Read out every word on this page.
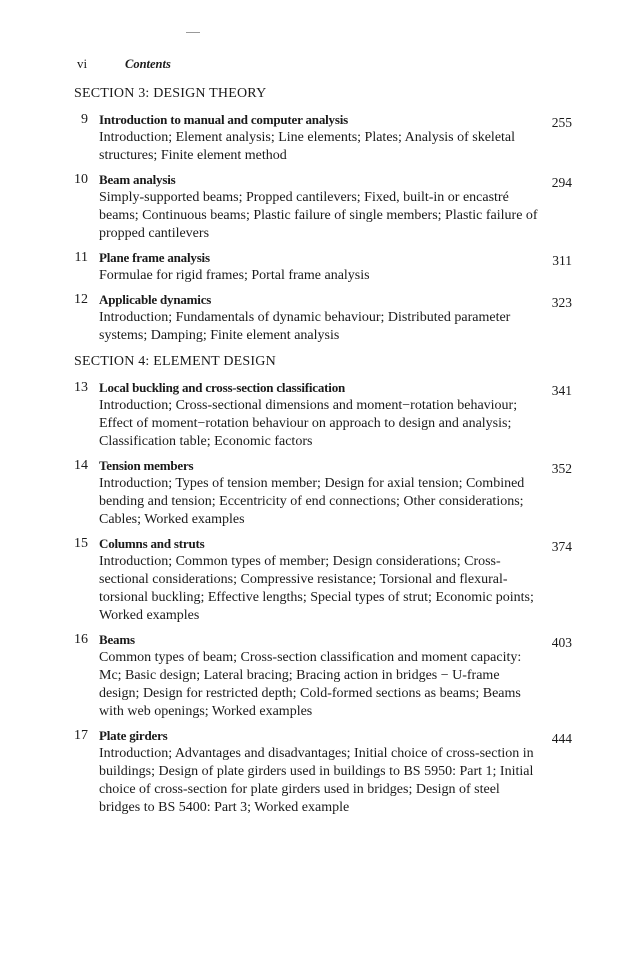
vi	Contents
SECTION 3: DESIGN THEORY
9 Introduction to manual and computer analysis	255
Introduction; Element analysis; Line elements; Plates; Analysis of skeletal structures; Finite element method
10 Beam analysis	294
Simply-supported beams; Propped cantilevers; Fixed, built-in or encastré beams; Continuous beams; Plastic failure of single members; Plastic failure of propped cantilevers
11 Plane frame analysis	311
Formulae for rigid frames; Portal frame analysis
12 Applicable dynamics	323
Introduction; Fundamentals of dynamic behaviour; Distributed parameter systems; Damping; Finite element analysis
SECTION 4: ELEMENT DESIGN
13 Local buckling and cross-section classification	341
Introduction; Cross-sectional dimensions and moment−rotation behaviour; Effect of moment−rotation behaviour on approach to design and analysis; Classification table; Economic factors
14 Tension members	352
Introduction; Types of tension member; Design for axial tension; Combined bending and tension; Eccentricity of end connections; Other considerations; Cables; Worked examples
15 Columns and struts	374
Introduction; Common types of member; Design considerations; Cross-sectional considerations; Compressive resistance; Torsional and flexural-torsional buckling; Effective lengths; Special types of strut; Economic points; Worked examples
16 Beams	403
Common types of beam; Cross-section classification and moment capacity: Mc; Basic design; Lateral bracing; Bracing action in bridges − U-frame design; Design for restricted depth; Cold-formed sections as beams; Beams with web openings; Worked examples
17 Plate girders	444
Introduction; Advantages and disadvantages; Initial choice of cross-section in buildings; Design of plate girders used in buildings to BS 5950: Part 1; Initial choice of cross-section for plate girders used in bridges; Design of steel bridges to BS 5400: Part 3; Worked example
